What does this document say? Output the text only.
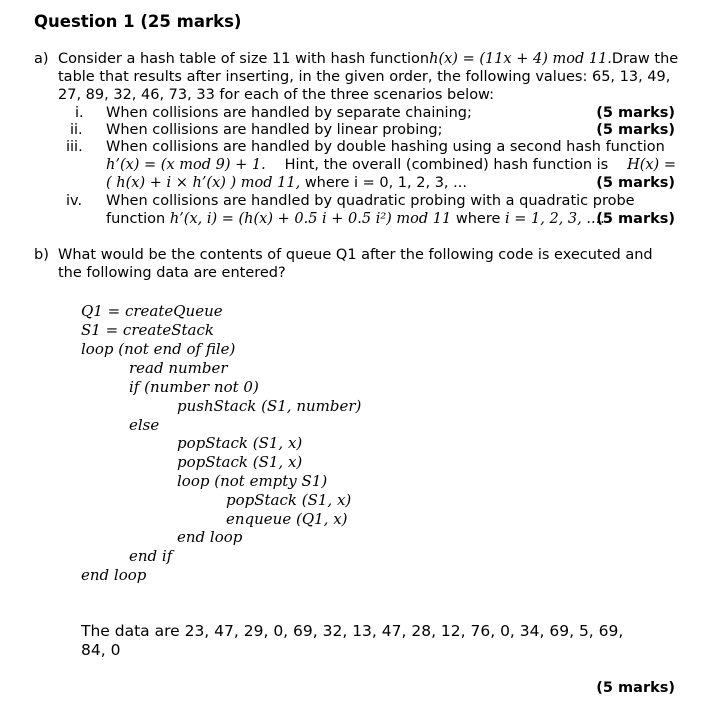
Question 1 (25 marks)
a) Consider a hash table of size 11 with hash function h(x) = (11x + 4) mod 11. Draw the
table that results after inserting, in the given order, the following values: 65, 13, 49,
27, 89, 32, 46, 73, 33 for each of the three scenarios below:
i. When collisions are handled by separate chaining;	(5 marks)
ii. When collisions are handled by linear probing;	(5 marks)
iii. When collisions are handled by double hashing using a second hash function
h’(x) = (x mod 9) + 1. Hint, the overall (combined) hash function is H(x) =
( h(x) + i × h’(x) ) mod 11, where i = 0, 1, 2, 3, ...	(5 marks)
iv. When collisions are handled by quadratic probing with a quadratic probe
function h’(x, i) = (h(x) + 0.5 i + 0.5 i²) mod 11 where i = 1, 2, 3, ....
(5 marks)
b) What would be the contents of queue Q1 after the following code is executed and
the following data are entered?
Q1 = createQueue
S1 = createStack
loop (not end of file)
read number
if (number not 0)
pushStack (S1, number)
else
popStack (S1, x)
popStack (S1, x)
loop (not empty S1)
popStack (S1, x)
enqueue (Q1, x)
end loop
end if
end loop
The data are 23, 47, 29, 0, 69, 32, 13, 47, 28, 12, 76, 0, 34, 69, 5, 69,
84, 0
(5 marks)
